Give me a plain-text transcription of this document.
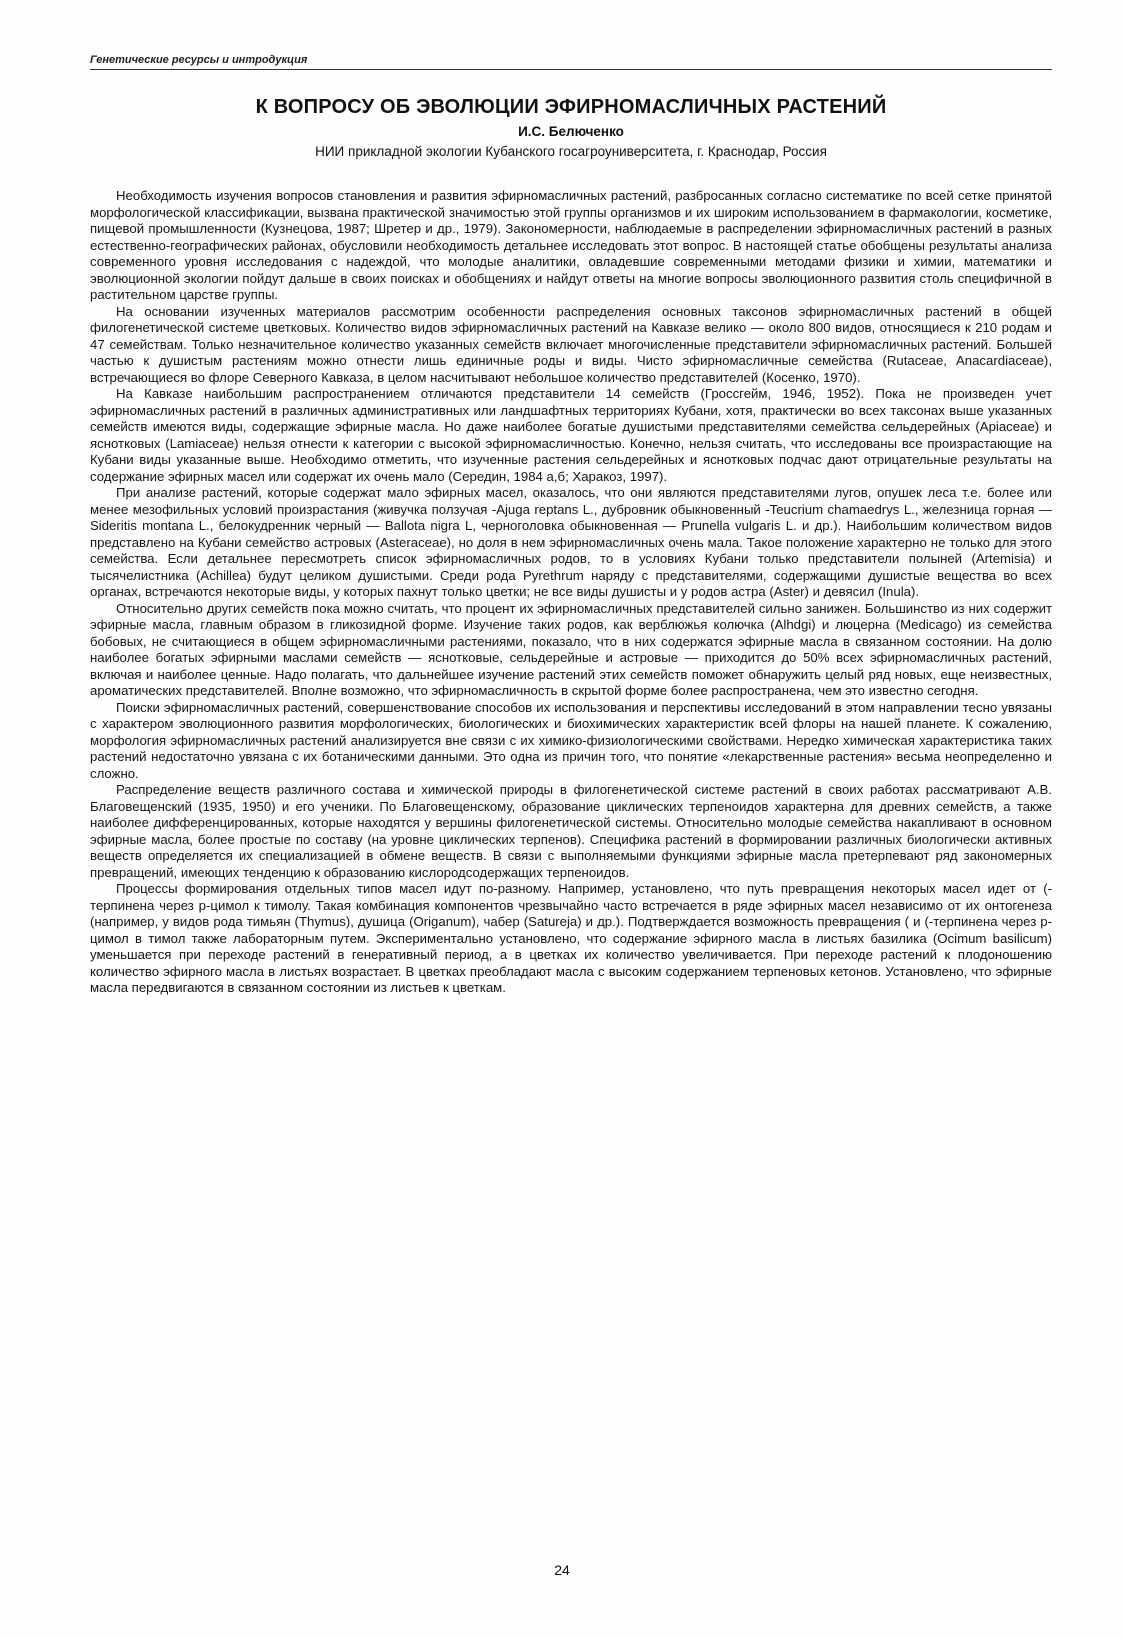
Генетические ресурсы и интродукция
К ВОПРОСУ ОБ ЭВОЛЮЦИИ ЭФИРНОМАСЛИЧНЫХ РАСТЕНИЙ
И.С. Белюченко
НИИ прикладной экологии Кубанского госагроуниверситета, г. Краснодар, Россия

Необходимость изучения вопросов становления и развития эфирномасличных растений, разбросанных согласно систематике по всей сетке принятой морфологической классификации, вызвана практической значимостью этой группы организмов и их широким использованием в фармакологии, косметике, пищевой промышленности (Кузнецова, 1987; Шретер и др., 1979). Закономерности, наблюдаемые в распределении эфирномасличных растений в разных естественно-географических районах, обусловили необходимость детальнее исследовать этот вопрос. В настоящей статье обобщены результаты анализа современного уровня исследования с надеждой, что молодые аналитики, овладевшие современными методами физики и химии, математики и эволюционной экологии пойдут дальше в своих поисках и обобщениях и найдут ответы на многие вопросы эволюционного развития столь специфичной в растительном царстве группы.

На основании изученных материалов рассмотрим особенности распределения основных таксонов эфирномасличных растений в общей филогенетической системе цветковых. Количество видов эфирномасличных растений на Кавказе велико — около 800 видов, относящиеся к 210 родам и 47 семействам. Только незначительное количество указанных семейств включает многочисленные представители эфирномасличных растений. Большей частью к душистым растениям можно отнести лишь единичные роды и виды. Чисто эфирномасличные семейства (Rutaceae, Anacardiaceae), встречающиеся во флоре Северного Кавказа, в целом насчитывают небольшое количество представителей (Косенко, 1970).

На Кавказе наибольшим распространением отличаются представители 14 семейств (Гроссгейм, 1946, 1952). Пока не произведен учет эфирномасличных растений в различных административных или ландшафтных территориях Кубани, хотя, практически во всех таксонах выше указанных семейств имеются виды, содержащие эфирные масла. Но даже наиболее богатые душистыми представителями семейства сельдерейных (Apiaceae) и яснотковых (Lamiaceae) нельзя отнести к категории с высокой эфирномасличностью. Конечно, нельзя считать, что исследованы все произрастающие на Кубани виды указанные выше. Необходимо отметить, что изученные растения сельдерейных и яснотковых подчас дают отрицательные результаты на содержание эфирных масел или содержат их очень мало (Середин, 1984 а,б; Харакоз, 1997).

При анализе растений, которые содержат мало эфирных масел, оказалось, что они являются представителями лугов, опушек леса т.е. более или менее мезофильных условий произрастания (живучка ползучая -Ajuga reptans L., дубровник обыкновенный -Teucrium chamaedrys L., железница горная — Sideritis montana L., белокудренник черный — Ballota nigra L, черноголовка обыкновенная — Prunella vulgaris L. и др.). Наибольшим количеством видов представлено на Кубани семейство астровых (Asteraceae), но доля в нем эфирномасличных очень мала. Такое положение характерно не только для этого семейства. Если детальнее пересмотреть список эфирномасличных родов, то в условиях Кубани только представители полыней (Artemisia) и тысячелистника (Achillea) будут целиком душистыми. Среди рода Pyrethrum наряду с представителями, содержащими душистые вещества во всех органах, встречаются некоторые виды, у которых пахнут только цветки; не все виды душисты и у родов астра (Aster) и девясил (Inula).

Относительно других семейств пока можно считать, что процент их эфирномасличных представителей сильно занижен. Большинство из них содержит эфирные масла, главным образом в гликозидной форме. Изучение таких родов, как верблюжья колючка (Alhdgi) и люцерна (Medicago) из семейства бобовых, не считающиеся в общем эфирномасличными растениями, показало, что в них содержатся эфирные масла в связанном состоянии. На долю наиболее богатых эфирными маслами семейств — яснотковые, сельдерейные и астровые — приходится до 50% всех эфирномасличных растений, включая и наиболее ценные. Надо полагать, что дальнейшее изучение растений этих семейств поможет обнаружить целый ряд новых, еще неизвестных, ароматических представителей. Вполне возможно, что эфирномасличность в скрытой форме более распространена, чем это известно сегодня.

Поиски эфирномасличных растений, совершенствование способов их использования и перспективы исследований в этом направлении тесно увязаны с характером эволюционного развития морфологических, биологических и биохимических характеристик всей флоры на нашей планете. К сожалению, морфология эфирномасличных растений анализируется вне связи с их химико-физиологическими свойствами. Нередко химическая характеристика таких растений недостаточно увязана с их ботаническими данными. Это одна из причин того, что понятие «лекарственные растения» весьма неопределенно и сложно.

Распределение веществ различного состава и химической природы в филогенетической системе растений в своих работах рассматривают А.В. Благовещенский (1935, 1950) и его ученики. По Благовещенскому, образование циклических терпеноидов характерна для древних семейств, а также наиболее дифференцированных, которые находятся у вершины филогенетической системы. Относительно молодые семейства накапливают в основном эфирные масла, более простые по составу (на уровне циклических терпенов). Специфика растений в формировании различных биологически активных веществ определяется их специализацией в обмене веществ. В связи с выполняемыми функциями эфирные масла претерпевают ряд закономерных превращений, имеющих тенденцию к образованию кислородсодержащих терпеноидов.

Процессы формирования отдельных типов масел идут по-разному. Например, установлено, что путь превращения некоторых масел идет от (-терпинена через р-цимол к тимолу. Такая комбинация компонентов чрезвычайно часто встречается в ряде эфирных масел независимо от их онтогенеза (например, у видов рода тимьян (Thymus), душица (Origanum), чабер (Satureja) и др.). Подтверждается возможность превращения ( и (-терпинена через р-цимол в тимол также лабораторным путем. Экспериментально установлено, что содержание эфирного масла в листьях базилика (Ocimum basilicum) уменьшается при переходе растений в генеративный период, а в цветках их количество увеличивается. При переходе растений к плодоношению количество эфирного масла в листьях возрастает. В цветках преобладают масла с высоким содержанием терпеновых кетонов. Установлено, что эфирные масла передвигаются в связанном состоянии из листьев к цветкам.

24
